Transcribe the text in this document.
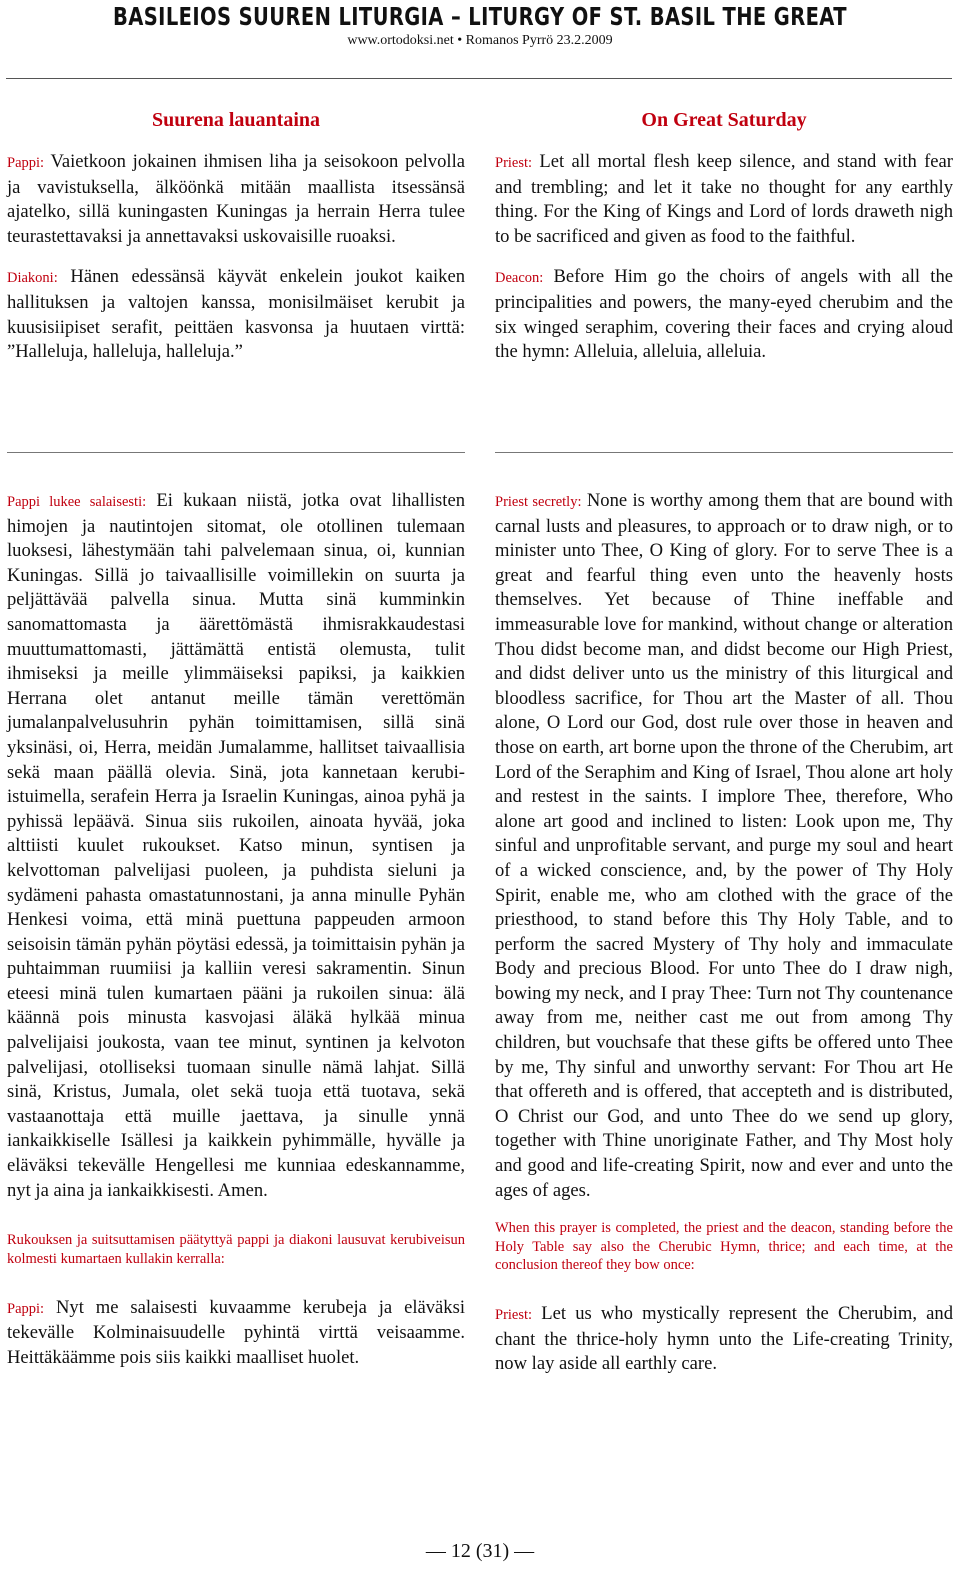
BASILEIOS SUUREN LITURGIA – LITURGY OF ST. BASIL THE GREAT
www.ortodoksi.net • Romanos Pyrrö 23.2.2009
Suurena lauantaina	On Great Saturday

Pappi: Vaietkoon jokainen ihmisen liha ja seisokoon pelvolla ja vavistuksella, älköönkä mitään maallista itsessänsä ajatelko, sillä kuningasten Kuningas ja herrain Herra tulee teurastettavaksi ja annettavaksi uskovaisille ruoaksi.

Diakoni: Hänen edessänsä käyvät enkelein joukot kaiken hallituksen ja valtojen kanssa, monisilmäiset kerubit ja kuusisiipiset serafit, peittäen kasvonsa ja huutaen virttä: ”Halleluja, halleluja, halleluja.”

Priest: Let all mortal flesh keep silence, and stand with fear and trembling; and let it take no thought for any earthly thing. For the King of Kings and Lord of lords draweth nigh to be sacrificed and given as food to the faithful.

Deacon: Before Him go the choirs of angels with all the principalities and powers, the many-eyed cherubim and the six winged seraphim, covering their faces and crying aloud the hymn: Alleluia, alleluia, alleluia.

Pappi lukee salaisesti: Ei kukaan niistä, jotka ovat lihallisten himojen ja nautintojen sitomat, ole otollinen tulemaan luoksesi, lähestymään tahi palvelemaan sinua, oi, kunnian Kuningas. Sillä jo taivaallisille voimillekin on suurta ja peljättävää palvella sinua. Mutta sinä kumminkin sanomattomasta ja äärettömästä ihmisrakkaudestasi muuttumattomasti, jättämättä entistä olemusta, tulit ihmiseksi ja meille ylimmäiseksi papiksi, ja kaikkien Herrana olet antanut meille tämän verettömän jumalanpalvelusuhrin pyhän toimittamisen, sillä sinä yksinäsi, oi, Herra, meidän Jumalamme, hallitset taivaallisia sekä maan päällä olevia. Sinä, jota kannetaan kerubi-istuimella, serafein Herra ja Israelin Kuningas, ainoa pyhä ja pyhissä lepäävä. Sinua siis rukoilen, ainoata hyvää, joka alttiisti kuulet rukoukset. Katso minun, syntisen ja kelvottoman palvelijasi puoleen, ja puhdista sieluni ja sydämeni pahasta omastatunnostani, ja anna minulle Pyhän Henkesi voima, että minä puettuna pappeuden armoon seisoisin tämän pyhän pöytäsi edessä, ja toimittaisin pyhän ja puhtaimman ruumiisi ja kalliin veresi sakramentin. Sinun eteesi minä tulen kumartaen pääni ja rukoilen sinua: älä käännä pois minusta kasvojasi äläkä hylkää minua palvelijaisi joukosta, vaan tee minut, syntinen ja kelvoton palvelijasi, otolliseksi tuomaan sinulle nämä lahjat. Sillä sinä, Kristus, Jumala, olet sekä tuoja että tuotava, sekä vastaanottaja että muille jaettava, ja sinulle ynnä iankaikkiselle Isällesi ja kaikkein pyhimmälle, hyvälle ja eläväksi tekevälle Hengellesi me kunniaa edeskannamme, nyt ja aina ja iankaikkisesti. Amen.

Rukouksen ja suitsuttamisen päätyttyä pappi ja diakoni lausuvat kerubiveisun kolmesti kumartaen kullakin kerralla:

Pappi: Nyt me salaisesti kuvaamme kerubeja ja eläväksi tekevälle Kolminaisuudelle pyhintä virttä veisaamme. Heittäkäämme pois siis kaikki maalliset huolet.

Priest secretly: None is worthy among them that are bound with carnal lusts and pleasures, to approach or to draw nigh, or to minister unto Thee, O King of glory. For to serve Thee is a great and fearful thing even unto the heavenly hosts themselves. Yet because of Thine ineffable and immeasurable love for mankind, without change or alteration Thou didst become man, and didst become our High Priest, and didst deliver unto us the ministry of this liturgical and bloodless sacrifice, for Thou art the Master of all. Thou alone, O Lord our God, dost rule over those in heaven and those on earth, art borne upon the throne of the Cherubim, art Lord of the Seraphim and King of Israel, Thou alone art holy and restest in the saints. I implore Thee, therefore, Who alone art good and inclined to listen: Look upon me, Thy sinful and unprofitable servant, and purge my soul and heart of a wicked conscience, and, by the power of Thy Holy Spirit, enable me, who am clothed with the grace of the priesthood, to stand before this Thy Holy Table, and to perform the sacred Mystery of Thy holy and immaculate Body and precious Blood. For unto Thee do I draw nigh, bowing my neck, and I pray Thee: Turn not Thy countenance away from me, neither cast me out from among Thy children, but vouchsafe that these gifts be offered unto Thee by me, Thy sinful and unworthy servant: For Thou art He that offereth and is offered, that accepteth and is distributed, O Christ our God, and unto Thee do we send up glory, together with Thine unoriginate Father, and Thy Most holy and good and life-creating Spirit, now and ever and unto the ages of ages.

When this prayer is completed, the priest and the deacon, standing before the Holy Table say also the Cherubic Hymn, thrice; and each time, at the conclusion thereof they bow once:

Priest: Let us who mystically represent the Cherubim, and chant the thrice-holy hymn unto the Life-creating Trinity, now lay aside all earthly care.

— 12 (31) —
